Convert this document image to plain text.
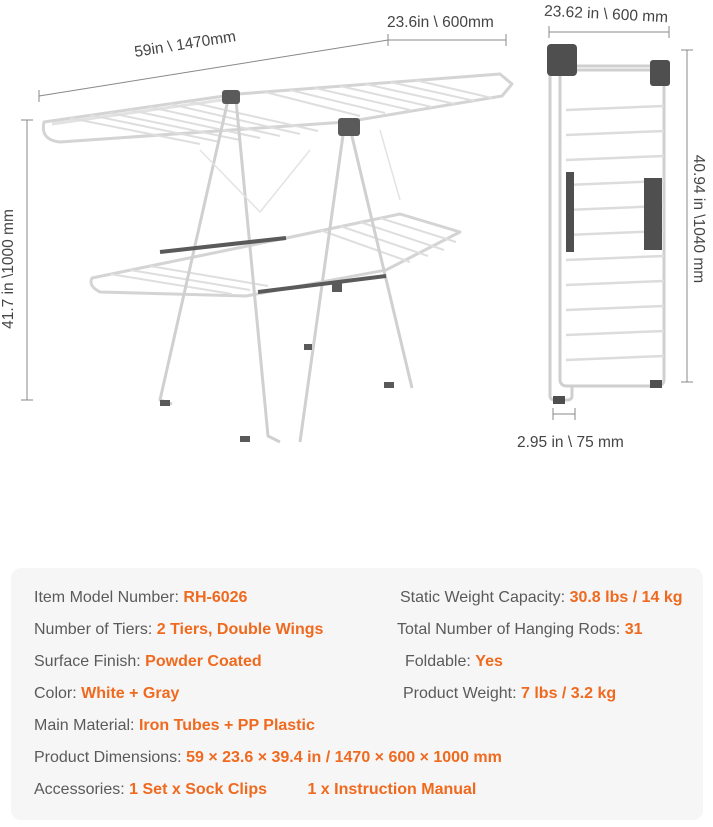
59in \ 1470mm
23.6in \ 600mm
41.7 in \1000 mm
23.62 in \ 600 mm
40.94 in \1040 mm
2.95 in \ 75 mm
Item Model Number: RH-6026	Static Weight Capacity: 30.8 lbs / 14 kg
Number of Tiers: 2 Tiers, Double Wings	Total Number of Hanging Rods: 31
Surface Finish: Powder Coated	Foldable: Yes
Color: White + Gray	Product Weight: 7 lbs / 3.2 kg
Main Material: Iron Tubes + PP Plastic
Product Dimensions: 59 × 23.6 × 39.4 in / 1470 × 600 × 1000 mm
Accessories: 1 Set x Sock Clips	1 x Instruction Manual
